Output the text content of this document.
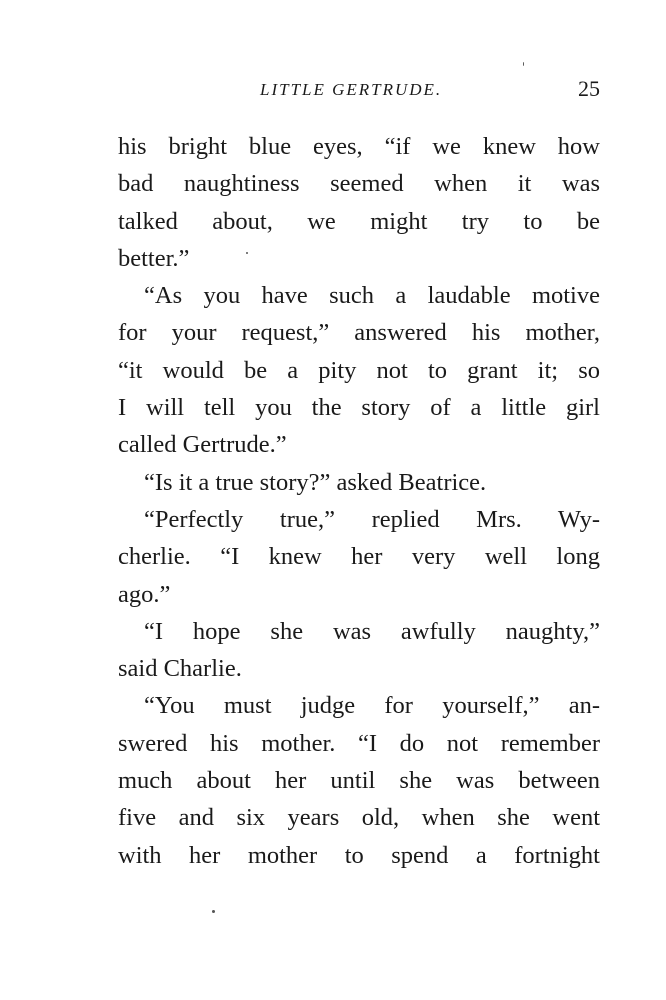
LITTLE GERTRUDE.	25
his bright blue eyes, “if we knew how
bad naughtiness seemed when it was
talked about, we might try to be
better.”
“As you have such a laudable motive
for your request,” answered his mother,
“it would be a pity not to grant it; so
I will tell you the story of a little girl
called Gertrude.”
“Is it a true story?” asked Beatrice.
“Perfectly true,” replied Mrs. Wy-
cherlie. “I knew her very well long
ago.”
“I hope she was awfully naughty,”
said Charlie.
“You must judge for yourself,” an-
swered his mother. “I do not remember
much about her until she was between
five and six years old, when she went
with her mother to spend a fortnight
